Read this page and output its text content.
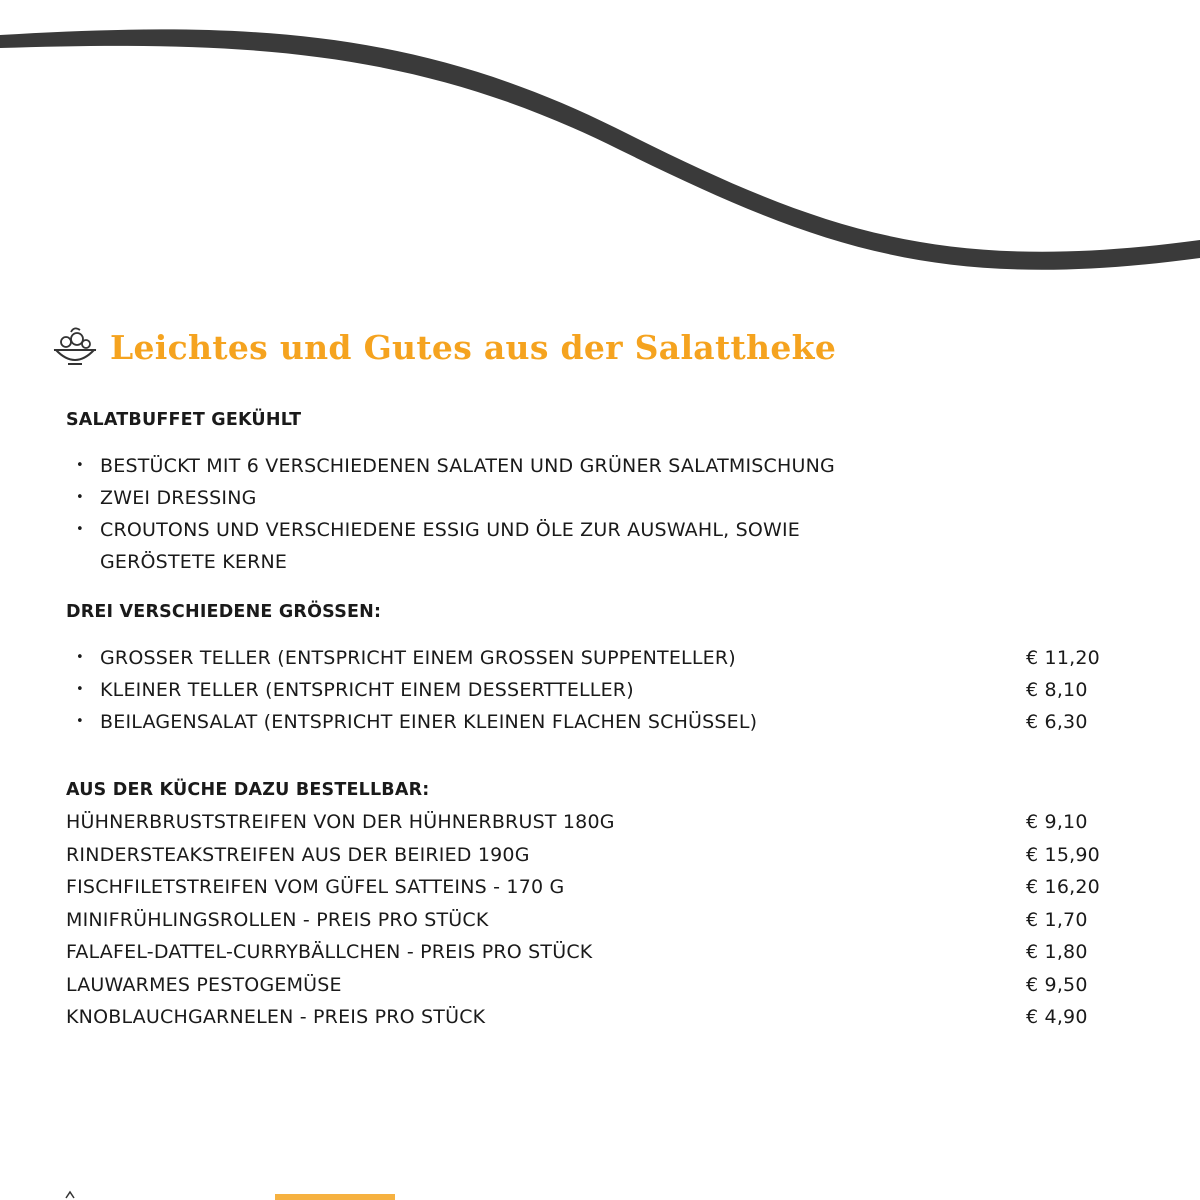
Leichtes und Gutes aus der Salattheke
SALATBUFFET GEKÜHLT
• BESTÜCKT MIT 6 VERSCHIEDENEN SALATEN UND GRÜNER SALATMISCHUNG
• ZWEI DRESSING
• CROUTONS UND VERSCHIEDENE ESSIG UND ÖLE ZUR AUSWAHL, SOWIE GERÖSTETE KERNE
DREI VERSCHIEDENE GRÖSSEN:
• GROSSER TELLER (ENTSPRICHT EINEM GROSSEN SUPPENTELLER)	€ 11,20
• KLEINER TELLER (ENTSPRICHT EINEM DESSERTTELLER)	€ 8,10
• BEILAGENSALAT (ENTSPRICHT EINER KLEINEN FLACHEN SCHÜSSEL)	€ 6,30
AUS DER KÜCHE DAZU BESTELLBAR:
HÜHNERBRUSTSTREIFEN VON DER HÜHNERBRUST 180G	€ 9,10
RINDERSTEAKSTREIFEN AUS DER BEIRIED 190G	€ 15,90
FISCHFILETSTREIFEN VOM GÜFEL SATTEINS - 170 G	€ 16,20
MINIFRÜHLINGSROLLEN - PREIS PRO STÜCK	€ 1,70
FALAFEL-DATTEL-CURRYBÄLLCHEN - PREIS PRO STÜCK	€ 1,80
LAUWARMES PESTOGEMÜSE	€ 9,50
KNOBLAUCHGARNELEN - PREIS PRO STÜCK	€ 4,90
